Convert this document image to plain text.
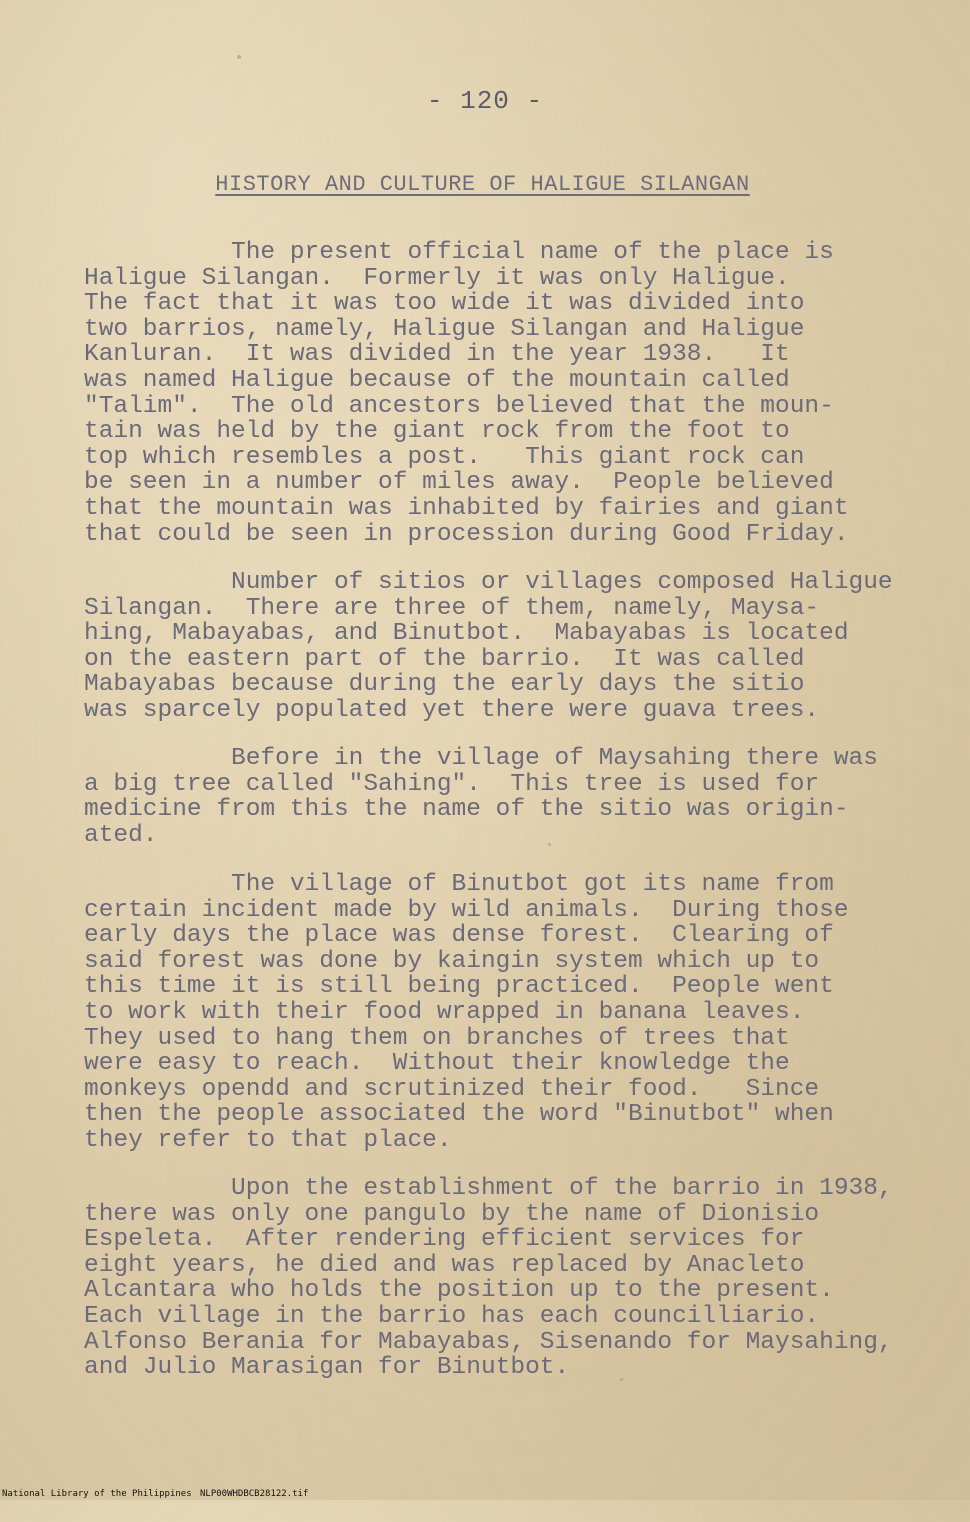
- 120 -
HISTORY AND CULTURE OF HALIGUE SILANGAN
The present official name of the place is
Haligue Silangan.  Formerly it was only Haligue.
The fact that it was too wide it was divided into
two barrios, namely, Haligue Silangan and Haligue
Kanluran.  It was divided in the year 1938.   It
was named Haligue because of the mountain called
"Talim".  The old ancestors believed that the moun-
tain was held by the giant rock from the foot to
top which resembles a post.   This giant rock can
be seen in a number of miles away.  People believed
that the mountain was inhabited by fairies and giant
that could be seen in procession during Good Friday.
Number of sitios or villages composed Haligue
Silangan.  There are three of them, namely, Maysa-
hing, Mabayabas, and Binutbot.  Mabayabas is located
on the eastern part of the barrio.  It was called
Mabayabas because during the early days the sitio
was sparcely populated yet there were guava trees.
Before in the village of Maysahing there was
a big tree called "Sahing".  This tree is used for
medicine from this the name of the sitio was origin-
ated.
The village of Binutbot got its name from
certain incident made by wild animals.  During those
early days the place was dense forest.  Clearing of
said forest was done by kaingin system which up to
this time it is still being practiced.  People went
to work with their food wrapped in banana leaves.
They used to hang them on branches of trees that
were easy to reach.  Without their knowledge the
monkeys opendd and scrutinized their food.   Since
then the people associated the word "Binutbot" when
they refer to that place.
Upon the establishment of the barrio in 1938,
there was only one pangulo by the name of Dionisio
Espeleta.  After rendering efficient services for
eight years, he died and was replaced by Anacleto
Alcantara who holds the position up to the present.
Each village in the barrio has each councilliario.
Alfonso Berania for Mabayabas, Sisenando for Maysahing,
and Julio Marasigan for Binutbot.

National Library of the Philippines

NLP00WHDBCB28122.tif
